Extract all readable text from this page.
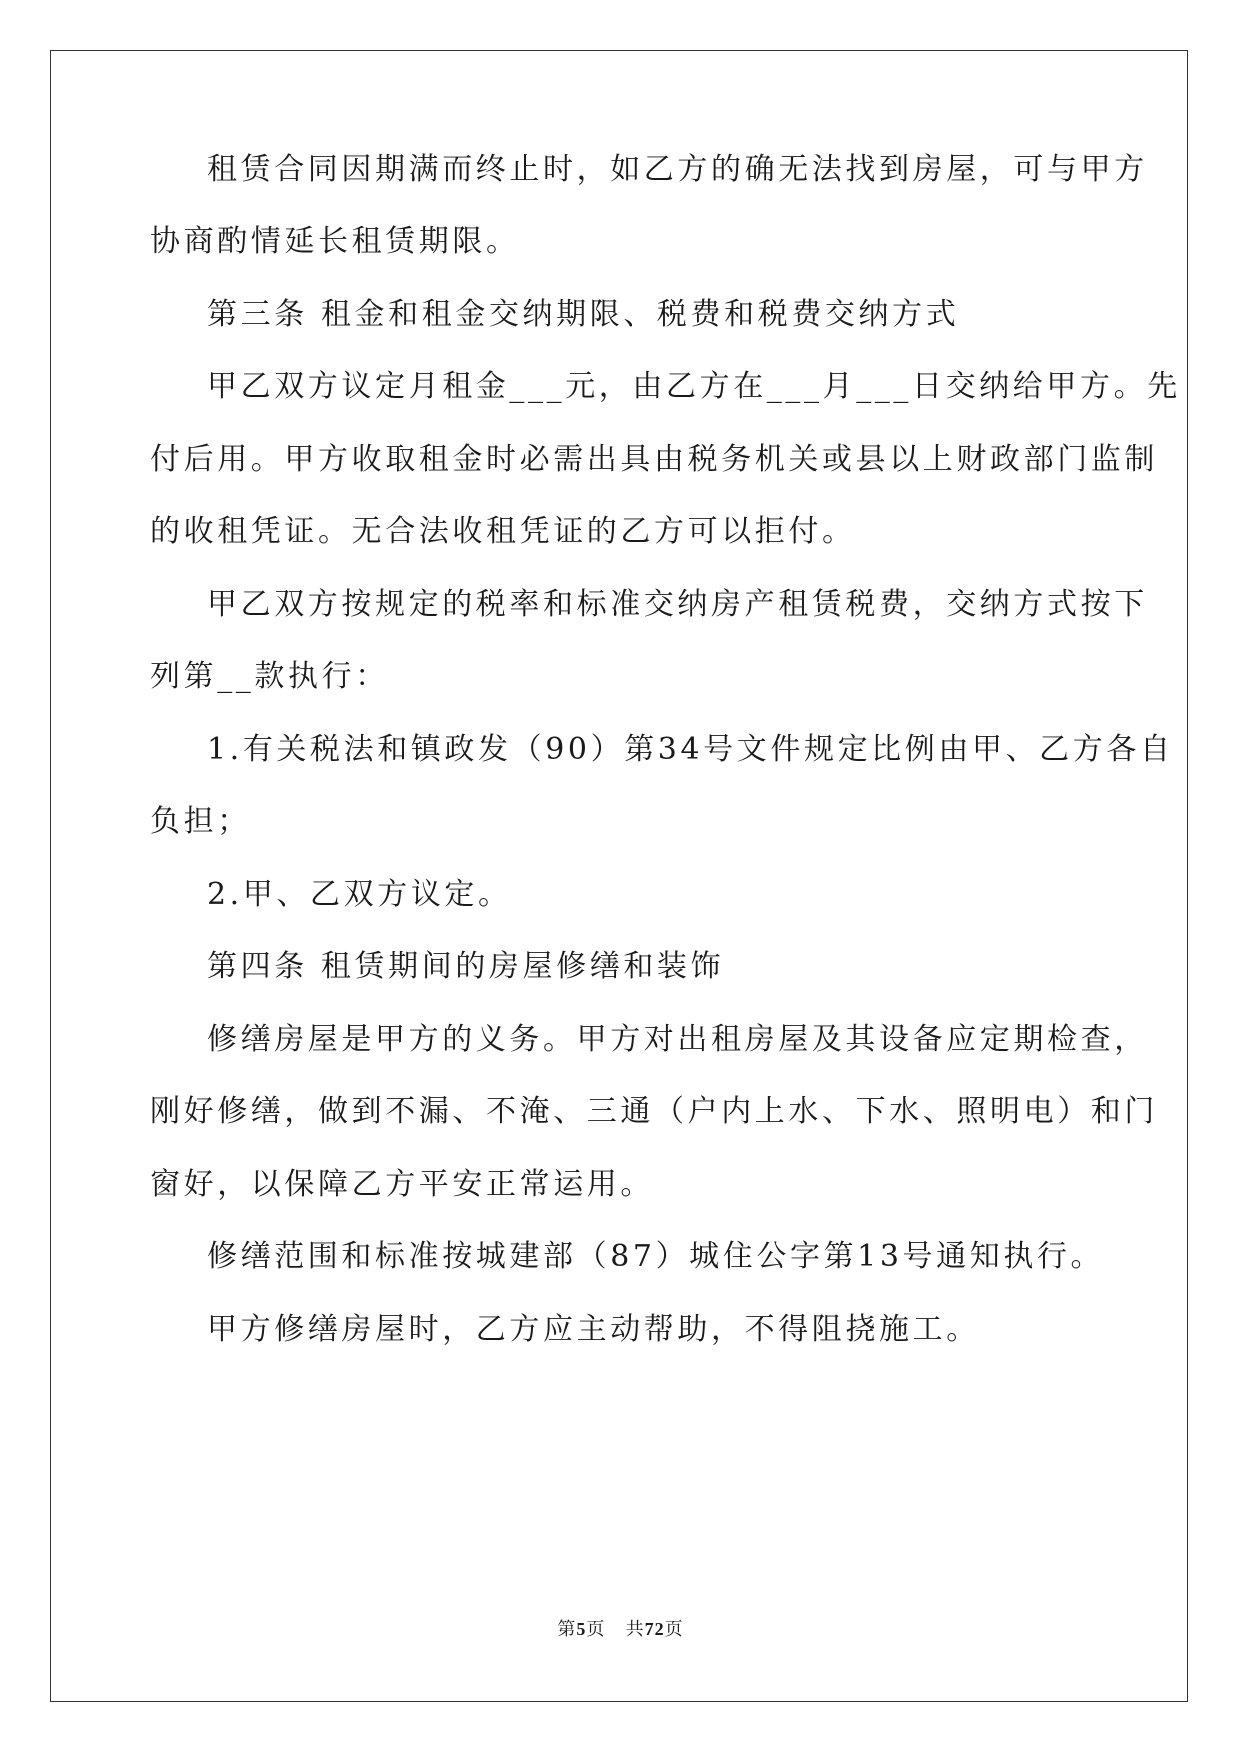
租赁合同因期满而终止时，如乙方的确无法找到房屋，可与甲方
协商酌情延长租赁期限。
第三条 租金和租金交纳期限、税费和税费交纳方式
甲乙双方议定月租金___元，由乙方在___月___日交纳给甲方。先
付后用。甲方收取租金时必需出具由税务机关或县以上财政部门监制
的收租凭证。无合法收租凭证的乙方可以拒付。
甲乙双方按规定的税率和标准交纳房产租赁税费，交纳方式按下
列第__款执行：
1.有关税法和镇政发（90）第34号文件规定比例由甲、乙方各自
负担；
2.甲、乙双方议定。
第四条 租赁期间的房屋修缮和装饰
修缮房屋是甲方的义务。甲方对出租房屋及其设备应定期检查，
刚好修缮，做到不漏、不淹、三通（户内上水、下水、照明电）和门
窗好，以保障乙方平安正常运用。
修缮范围和标准按城建部（87）城住公字第13号通知执行。
甲方修缮房屋时，乙方应主动帮助，不得阻挠施工。
第5页 共72页
